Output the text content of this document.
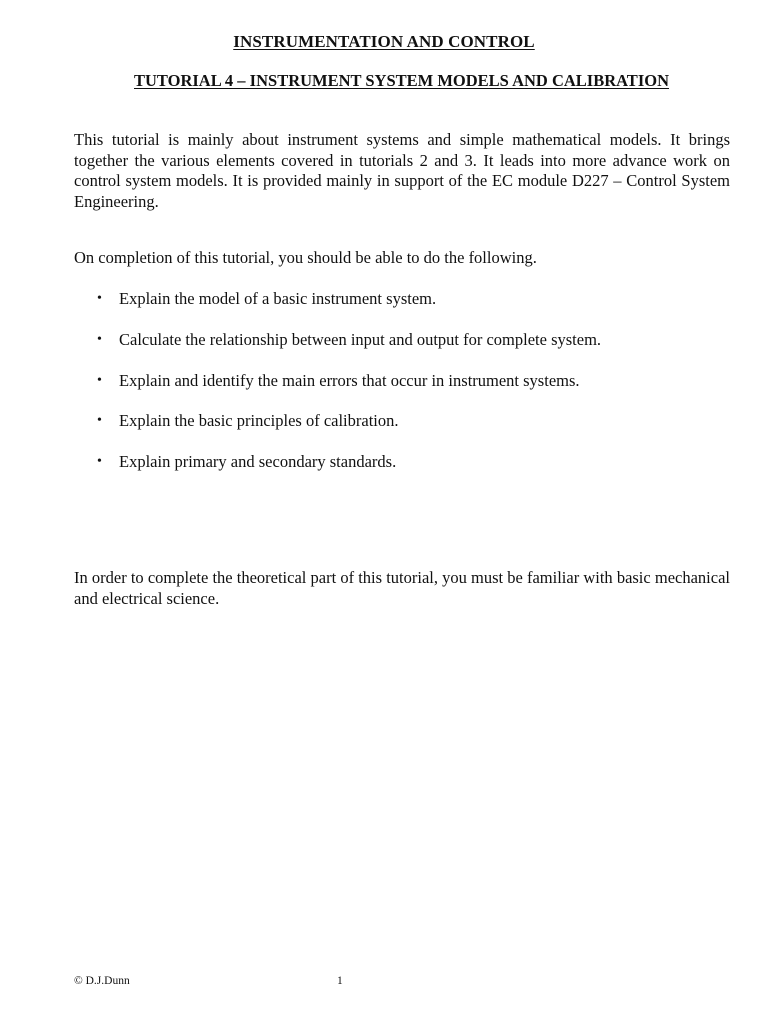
INSTRUMENTATION AND CONTROL
TUTORIAL 4 – INSTRUMENT SYSTEM MODELS AND CALIBRATION
This tutorial is mainly about instrument systems and simple mathematical models. It brings together the various elements covered in tutorials 2 and 3. It leads into more advance work on control system models. It is provided mainly in support of the EC module D227 – Control System Engineering.
On completion of this tutorial, you should be able to do the following.
• Explain the model of a basic instrument system.
• Calculate the relationship between input and output for complete system.
• Explain and identify the main errors that occur in instrument systems.
• Explain the basic principles of calibration.
• Explain primary and secondary standards.
In order to complete the theoretical part of this tutorial, you must be familiar with basic mechanical and electrical science.
© D.J.Dunn	1
